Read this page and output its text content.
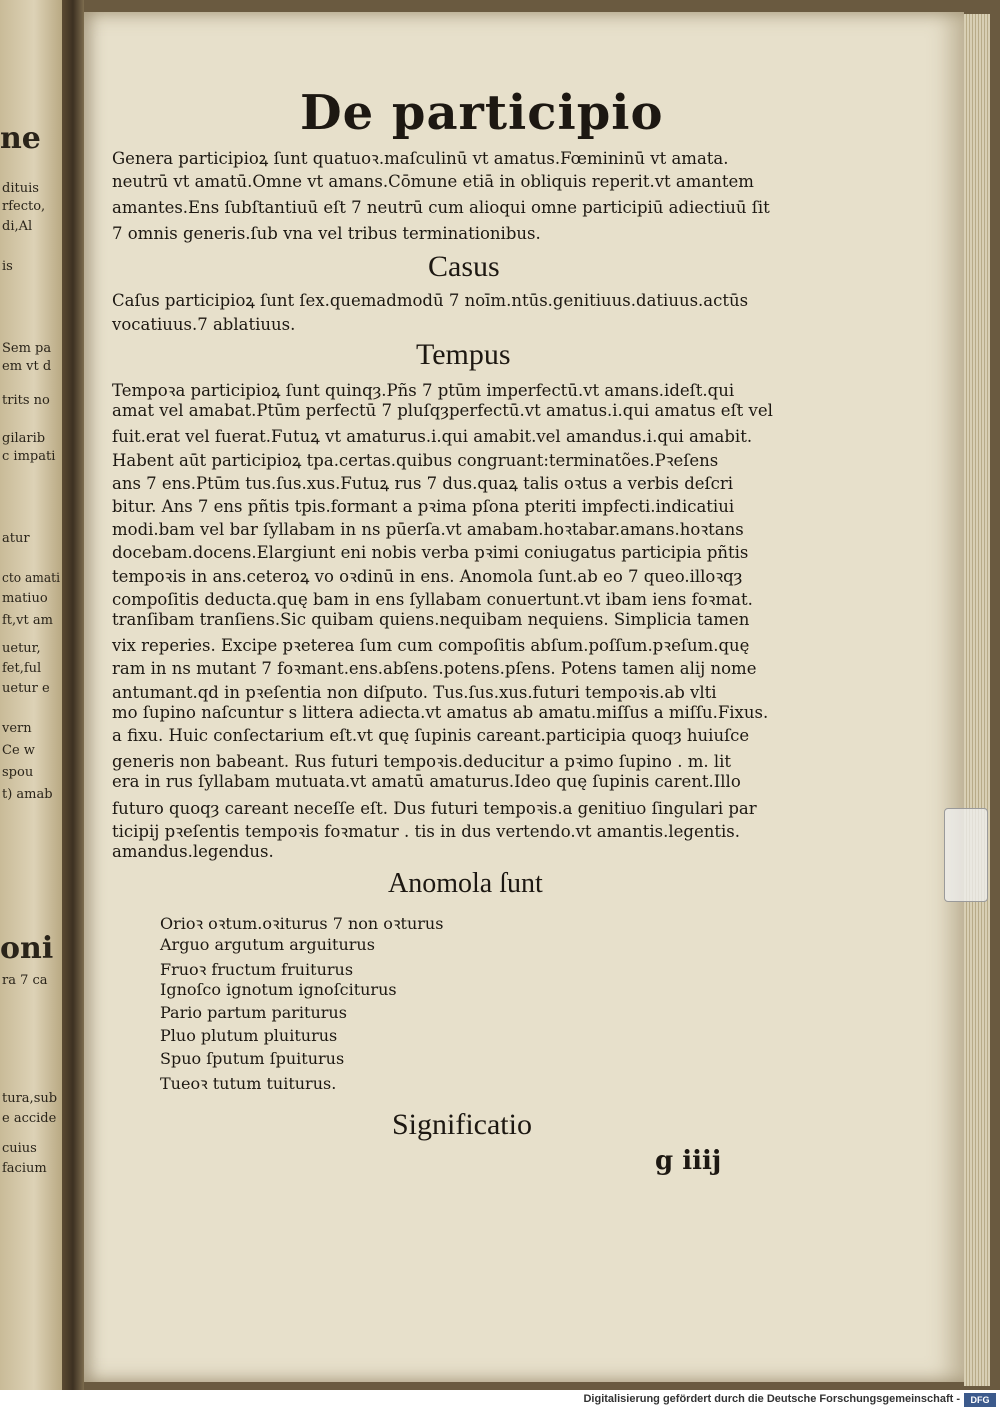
ne
dituis
rfecto,
di,Al
is
Sem pa
em vt d
trits no
gilarib
c impati
atur
cto amati
matiuo
ft,vt am
uetur,
fet,ful
uetur e
vern
Ce w
spou
t) amab
oni
ra 7 ca
tura,sub
e accide
cuius
facium
De participio
Genera participioꝝ ſunt quatuoꝛ.maſculinū vt amatus.Fœmininū vt amata.
neutrū vt amatū.Omne vt amans.Cōmune etiā in obliquis reperit.vt amantem
amantes.Ens ſubſtantiuū eſt 7 neutrū cum alioqui omne participiū adiectiuū ſit
7 omnis generis.ſub vna vel tribus terminationibus.
Casus
Caſus participioꝝ ſunt ſex.quemadmodū 7 noīm.ntūs.genitiuus.datiuus.actūs
vocatiuus.7 ablatiuus.
Tempus
Tempoꝛa participioꝝ ſunt quinqȝ.Pñs 7 ptūm imperfectū.vt amans.ideſt.qui
amat vel amabat.Ptūm perfectū 7 pluſqȝperfectū.vt amatus.i.qui amatus eſt vel
fuit.erat vel fuerat.Futuꝝ vt amaturus.i.qui amabit.vel amandus.i.qui amabit.
Habent aūt participioꝝ tpa.certas.quibus congruant:terminatões.Pꝛeſens
ans 7 ens.Ptūm tus.ſus.xus.Futuꝝ rus 7 dus.quaꝝ talis oꝛtus a verbis deſcri
bitur. Ans 7 ens pñtis tpis.formant a pꝛima pſona pteriti impfecti.indicatiui
modi.bam vel bar ſyllabam in ns pūerſa.vt amabam.hoꝛtabar.amans.hoꝛtans
docebam.docens.Elargiunt eni nobis verba pꝛimi coniugatus participia pñtis
tempoꝛis in ans.ceteroꝝ vo oꝛdinū in ens. Anomola ſunt.ab eo 7 queo.illoꝛqȝ
compoſitis deducta.quę bam in ens ſyllabam conuertunt.vt ibam iens foꝛmat.
tranſibam tranſiens.Sic quibam quiens.nequibam nequiens. Simplicia tamen
vix reperies. Excipe pꝛeterea ſum cum compoſitis abſum.poſſum.pꝛeſum.quę
ram in ns mutant 7 foꝛmant.ens.abſens.potens.pſens. Potens tamen alij nome
antumant.qd in pꝛeſentia non diſputo. Tus.ſus.xus.futuri tempoꝛis.ab vlti
mo ſupino naſcuntur s littera adiecta.vt amatus ab amatu.miſſus a miſſu.Fixus.
a fixu. Huic conſectarium eſt.vt quę ſupinis careant.participia quoqȝ huiuſce
generis non babeant. Rus futuri tempoꝛis.deducitur a pꝛimo ſupino . m. lit
era in rus ſyllabam mutuata.vt amatū amaturus.Ideo quę ſupinis carent.Illo
futuro quoqȝ careant neceſſe eſt. Dus futuri tempoꝛis.a genitiuo ſingulari par
ticipij pꝛeſentis tempoꝛis foꝛmatur . tis in dus vertendo.vt amantis.legentis.
amandus.legendus.
Anomola ſunt
Orioꝛ oꝛtum.oꝛiturus 7 non oꝛturus
Arguo argutum arguiturus
Fruoꝛ fructum fruiturus
Ignoſco ignotum ignoſciturus
Pario partum pariturus
Pluo plutum pluiturus
Spuo ſputum ſpuiturus
Tueoꝛ tutum tuiturus.
Significatio
g iiij
Digitalisierung gefördert durch die Deutsche Forschungsgemeinschaft -	DFG
